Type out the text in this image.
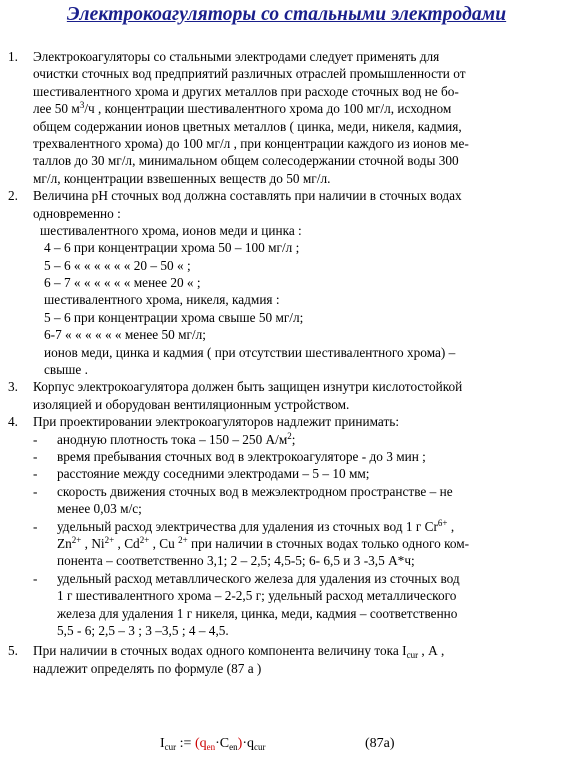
Электрокоагуляторы со стальными электродами
1. Электрокоагуляторы со стальными электродами следует применять для
очистки сточных вод предприятий различных отраслей промышленности от
шестивалентного хрома и других металлов при расходе сточных вод не бо-
лее 50 $м^3/ч$ , концентрации шестивалентного хрома до 100 мг/л, исходном
общем содержании ионов цветных металлов ( цинка, меди, никеля, кадмия,
трехвалентного хрома) до 100 мг/л , при концентрации каждого из ионов ме-
таллов до 30 мг/л, минимальном общем солесодержании сточной воды 300
мг/л, концентрации взвешенных веществ до 50 мг/л.
2. Величина рН сточных вод должна составлять при наличии в сточных водах
одновременно :
шестивалентного хрома, ионов меди и цинка :
4 – 6 при концентрации хрома 50 – 100 мг/л ;
5 – 6 « « « « « « 20 – 50 « ;
6 – 7 « « « « « « менее 20 « ;
шестивалентного хрома, никеля, кадмия :
5 – 6 при концентрации хрома свыше 50 мг/л;
6-7 « « « « « « менее 50 мг/л;
ионов меди, цинка и кадмия ( при отсутствии шестивалентного хрома) –
свыше .
3. Корпус электрокоагулятора должен быть защищен изнутри кислотостойкой
изоляцией и оборудован вентиляционным устройством.
4. При проектировании электрокоагуляторов надлежит принимать:
- анодную плотность тока – 150 – 250 $А/м^2$;
- время пребывания сточных вод в электрокоагуляторе - до 3 мин ;
- расстояние между соседними электродами – 5 – 10 мм;
- скорость движения сточных вод в межэлектродном пространстве – не
менее 0,03 м/с;
- удельный расход электричества для удаления из сточных вод 1 г $Cr^{6+}$ ,
$Zn^{2+}$ , $Ni^{2+}$ , $Cd^{2+}$ , Cu $^{2+}$ при наличии в сточных водах только одного ком-
понента – соответственно 3,1; 2 – 2,5; 4,5-5; 6- 6,5 и 3 -3,5 А*ч;
- удельный расход метавллического железа для удаления из сточных вод
1 г шестивалентного хрома – 2-2,5 г; удельный расход металлического
железа для удаления 1 г никеля, цинка, меди, кадмия – соответственно
5,5 - 6; 2,5 – 3 ; 3 –3,5 ; 4 – 4,5.
5. При наличии в сточных водах одного компонента величину тока $I_{cur}$ , А ,
надлежит определять по формуле (87 а )
$I_{cur}$ := $(q_{en}\cdot C_{en})\cdot q_{cur}$	(87a)
